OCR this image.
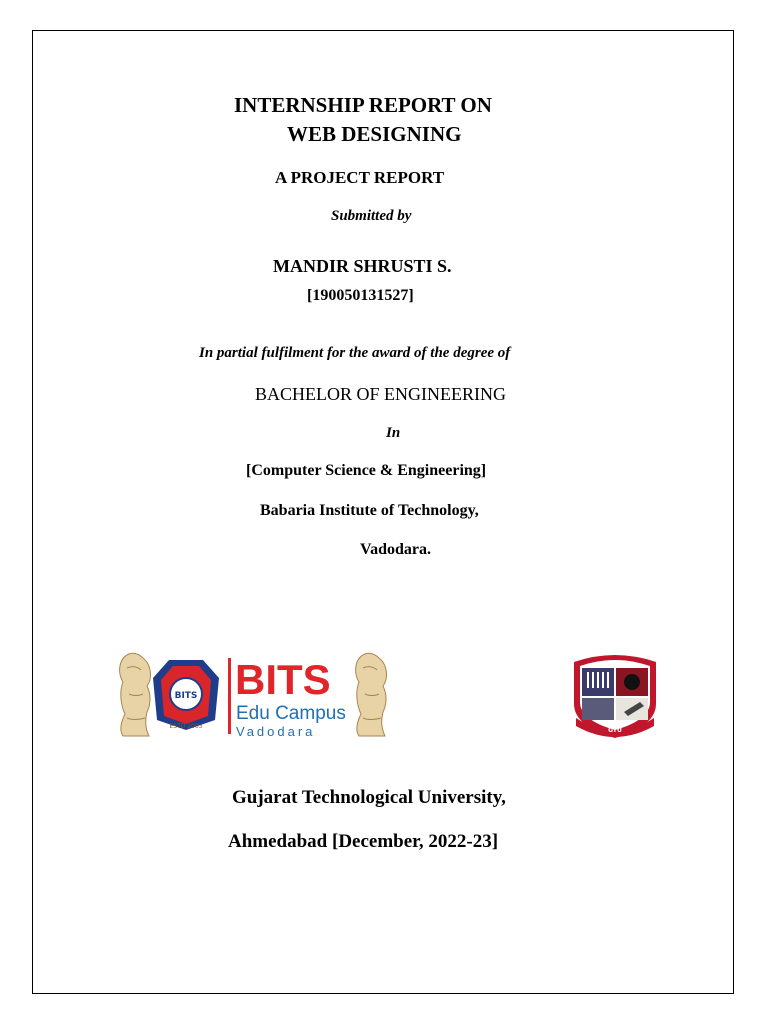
INTERNSHIP REPORT ON
WEB DESIGNING
A PROJECT REPORT
Submitted by
MANDIR SHRUSTI S.
[190050131527]
In partial fulfilment for the award of the degree of
BACHELOR OF ENGINEERING
In
[Computer Science & Engineering]
Babaria Institute of Technology,
Vadodara.
BITS
ESTD 2003
BITS
Edu Campus
Vadodara	GTU
Gujarat Technological University,
Ahmedabad [December, 2022-23]
